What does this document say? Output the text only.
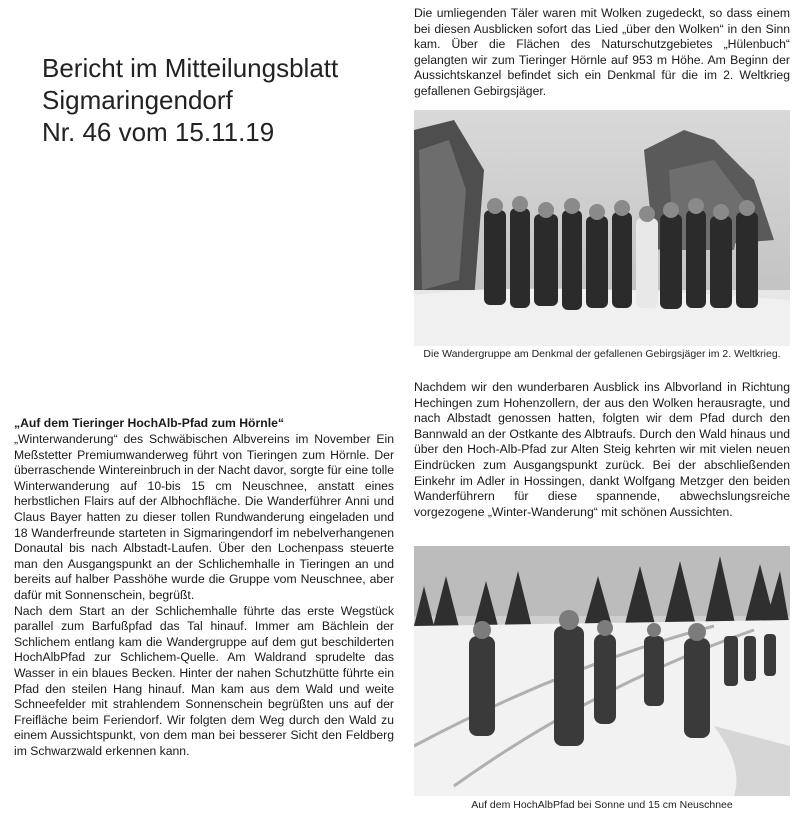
Bericht im Mitteilungsblatt
Sigmaringendorf
Nr. 46 vom 15.11.19
„Auf dem Tieringer HochAlb-Pfad zum Hörnle“
„Winterwanderung“ des Schwäbischen Albvereins im November Ein Meßstetter Premiumwanderweg führt von Tieringen zum Hörnle. Der überraschende Wintereinbruch in der Nacht davor, sorgte für eine tolle Winterwanderung auf 10-bis 15 cm Neuschnee, anstatt eines herbstlichen Flairs auf der Albhochfläche. Die Wanderführer Anni und Claus Bayer hatten zu dieser tollen Rundwanderung eingeladen und 18 Wanderfreunde starteten in Sigmaringendorf im nebelverhangenen Donautal bis nach Albstadt-Laufen. Über den Lochenpass steuerte man den Ausgangspunkt an der Schlichemhalle in Tieringen an und bereits auf halber Passhöhe wurde die Gruppe vom Neuschnee, aber dafür mit Sonnenschein, begrüßt.
Nach dem Start an der Schlichemhalle führte das erste Wegstück parallel zum Barfußpfad das Tal hinauf. Immer am Bächlein der Schlichem entlang kam die Wandergruppe auf dem gut beschilderten HochAlbPfad zur Schlichem-Quelle. Am Waldrand sprudelte das Wasser in ein blaues Becken. Hinter der nahen Schutzhütte führte ein Pfad den steilen Hang hinauf. Man kam aus dem Wald und weite Schneefelder mit strahlendem Sonnenschein begrüßten uns auf der Freifläche beim Feriendorf. Wir folgten dem Weg durch den Wald zu einem Aussichtspunkt, von dem man bei besserer Sicht den Feldberg im Schwarzwald erkennen kann.
Die umliegenden Täler waren mit Wolken zugedeckt, so dass einem bei diesen Ausblicken sofort das Lied „über den Wolken“ in den Sinn kam. Über die Flächen des Naturschutzgebietes „Hülenbuch“ gelangten wir zum Tieringer Hörnle auf 953 m Höhe. Am Beginn der Aussichtskanzel befindet sich ein Denkmal für die im 2. Weltkrieg gefallenen Gebirgsjäger.
Die Wandergruppe am Denkmal der gefallenen Gebirgsjäger im 2. Weltkrieg.
Nachdem wir den wunderbaren Ausblick ins Albvorland in Richtung Hechingen zum Hohenzollern, der aus den Wolken herausragte, und nach Albstadt genossen hatten, folgten wir dem Pfad durch den Bannwald an der Ostkante des Albtraufs. Durch den Wald hinaus und über den Hoch-Alb-Pfad zur Alten Steig kehrten wir mit vielen neuen Eindrücken zum Ausgangspunkt zurück. Bei der abschließenden Einkehr im Adler in Hossingen, dankt Wolfgang Metzger den beiden Wanderführern für diese spannende, abwechslungsreiche vorgezogene „Winter-Wanderung“ mit schönen Aussichten.
Auf dem HochAlbPfad bei Sonne und 15 cm Neuschnee
